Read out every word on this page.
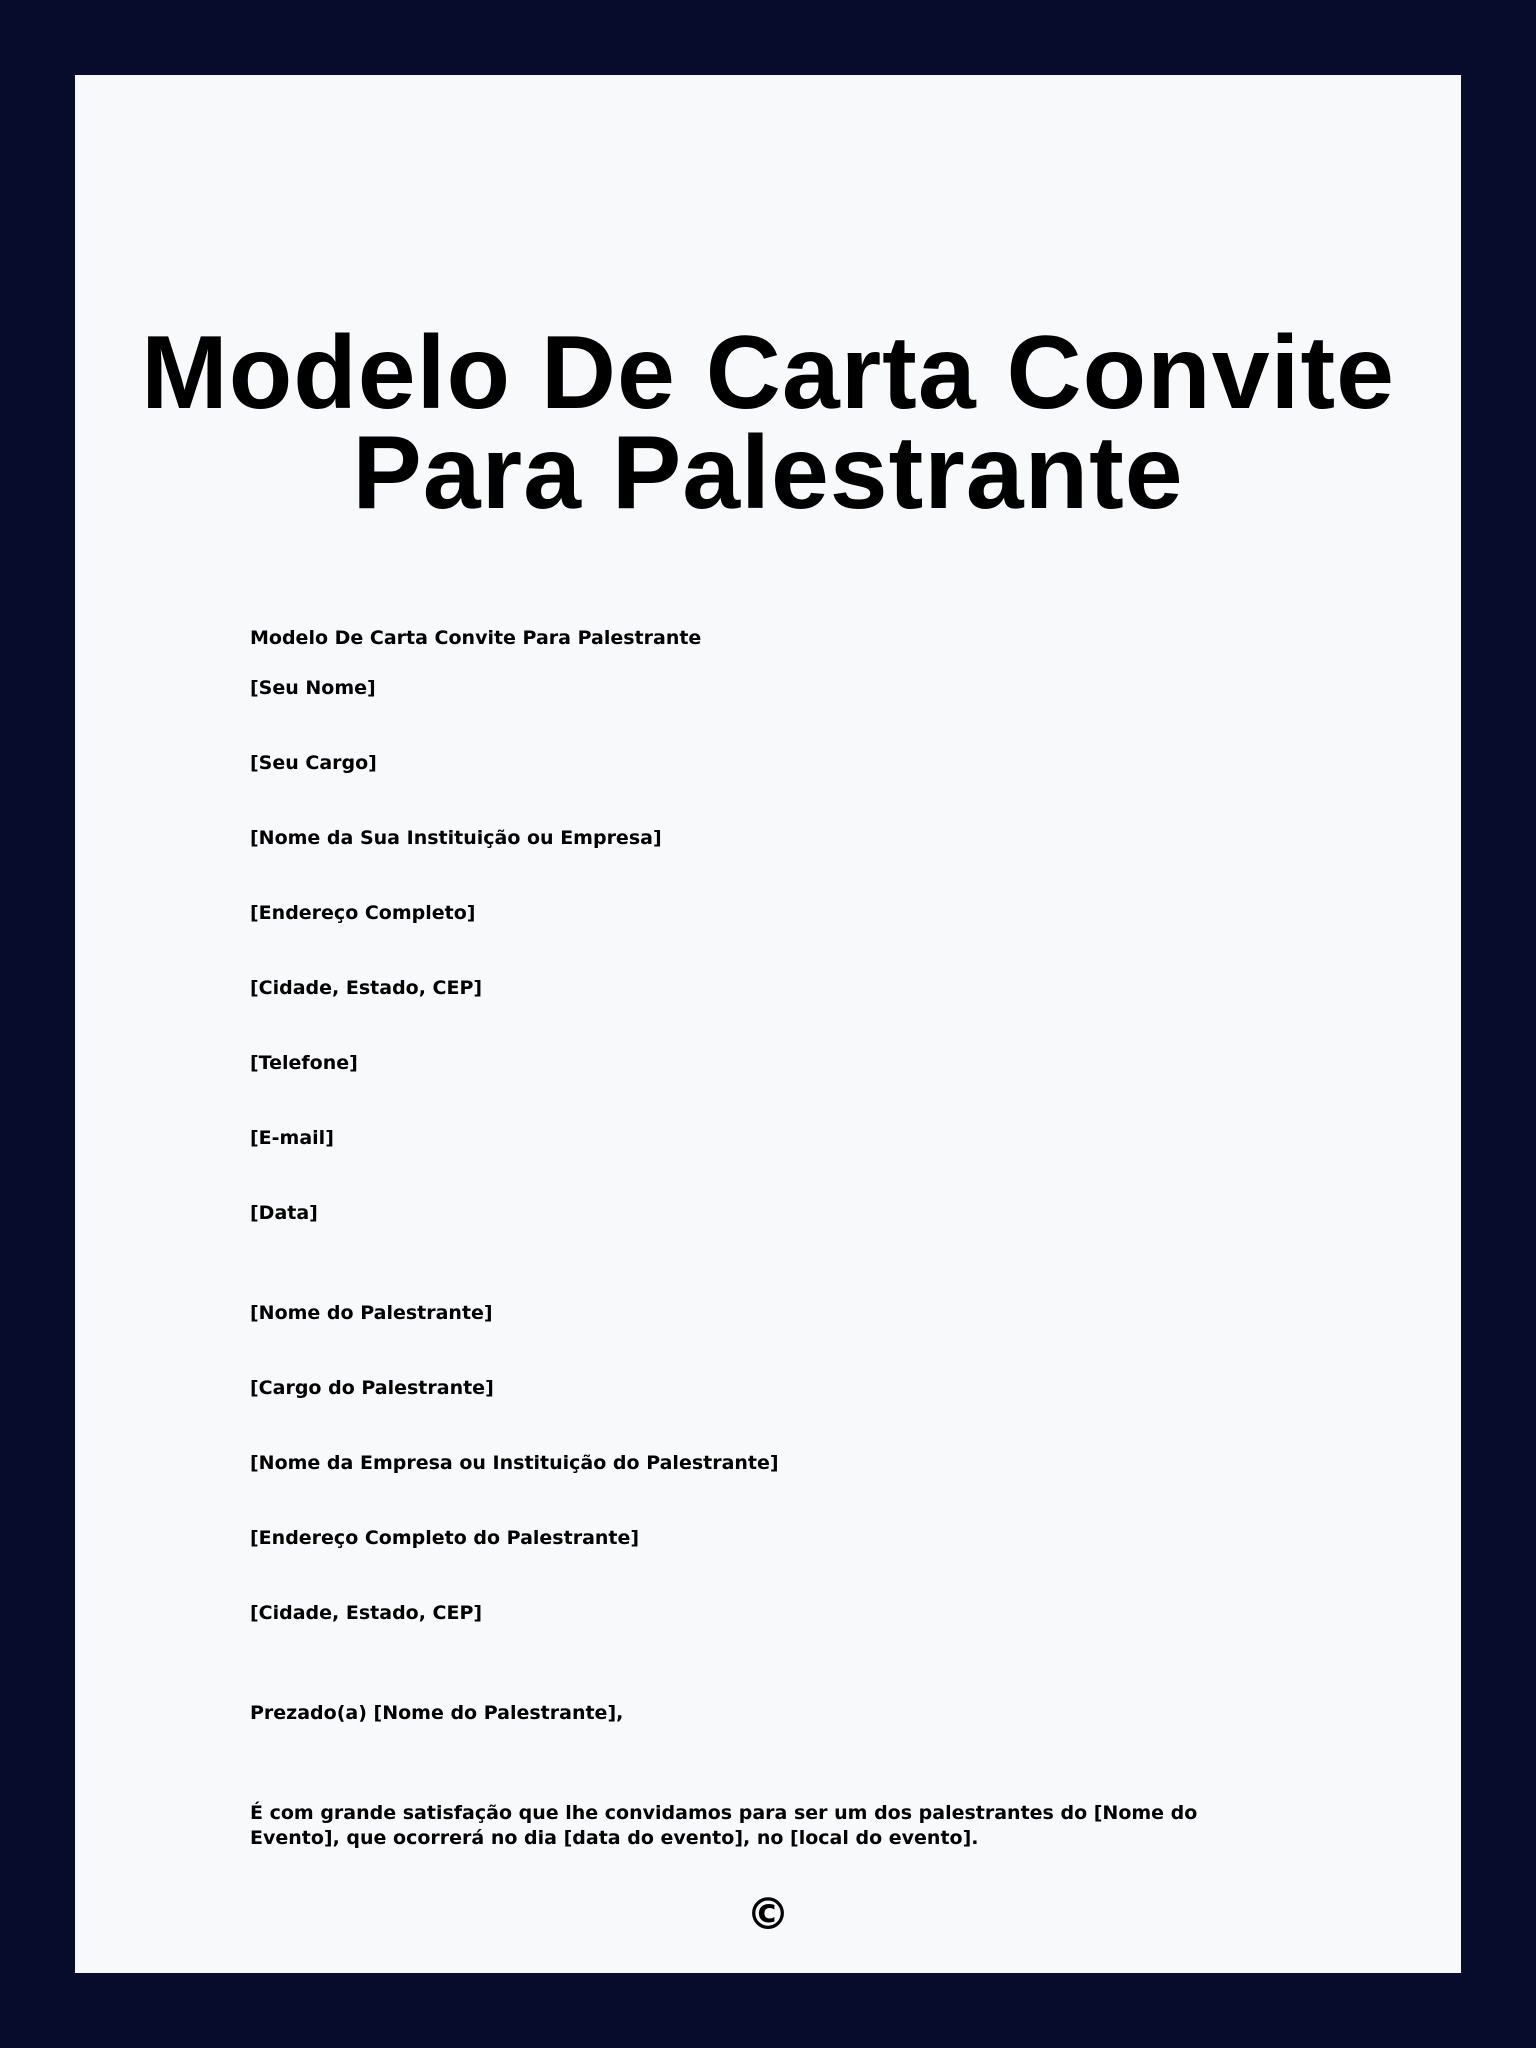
Modelo De Carta Convite
Para Palestrante
Modelo De Carta Convite Para Palestrante
[Seu Nome]
[Seu Cargo]
[Nome da Sua Instituição ou Empresa]
[Endereço Completo]
[Cidade, Estado, CEP]
[Telefone]
[E-mail]
[Data]
[Nome do Palestrante]
[Cargo do Palestrante]
[Nome da Empresa ou Instituição do Palestrante]
[Endereço Completo do Palestrante]
[Cidade, Estado, CEP]
Prezado(a) [Nome do Palestrante],
É com grande satisfação que lhe convidamos para ser um dos palestrantes do [Nome do Evento], que ocorrerá no dia [data do evento], no [local do evento].
©
